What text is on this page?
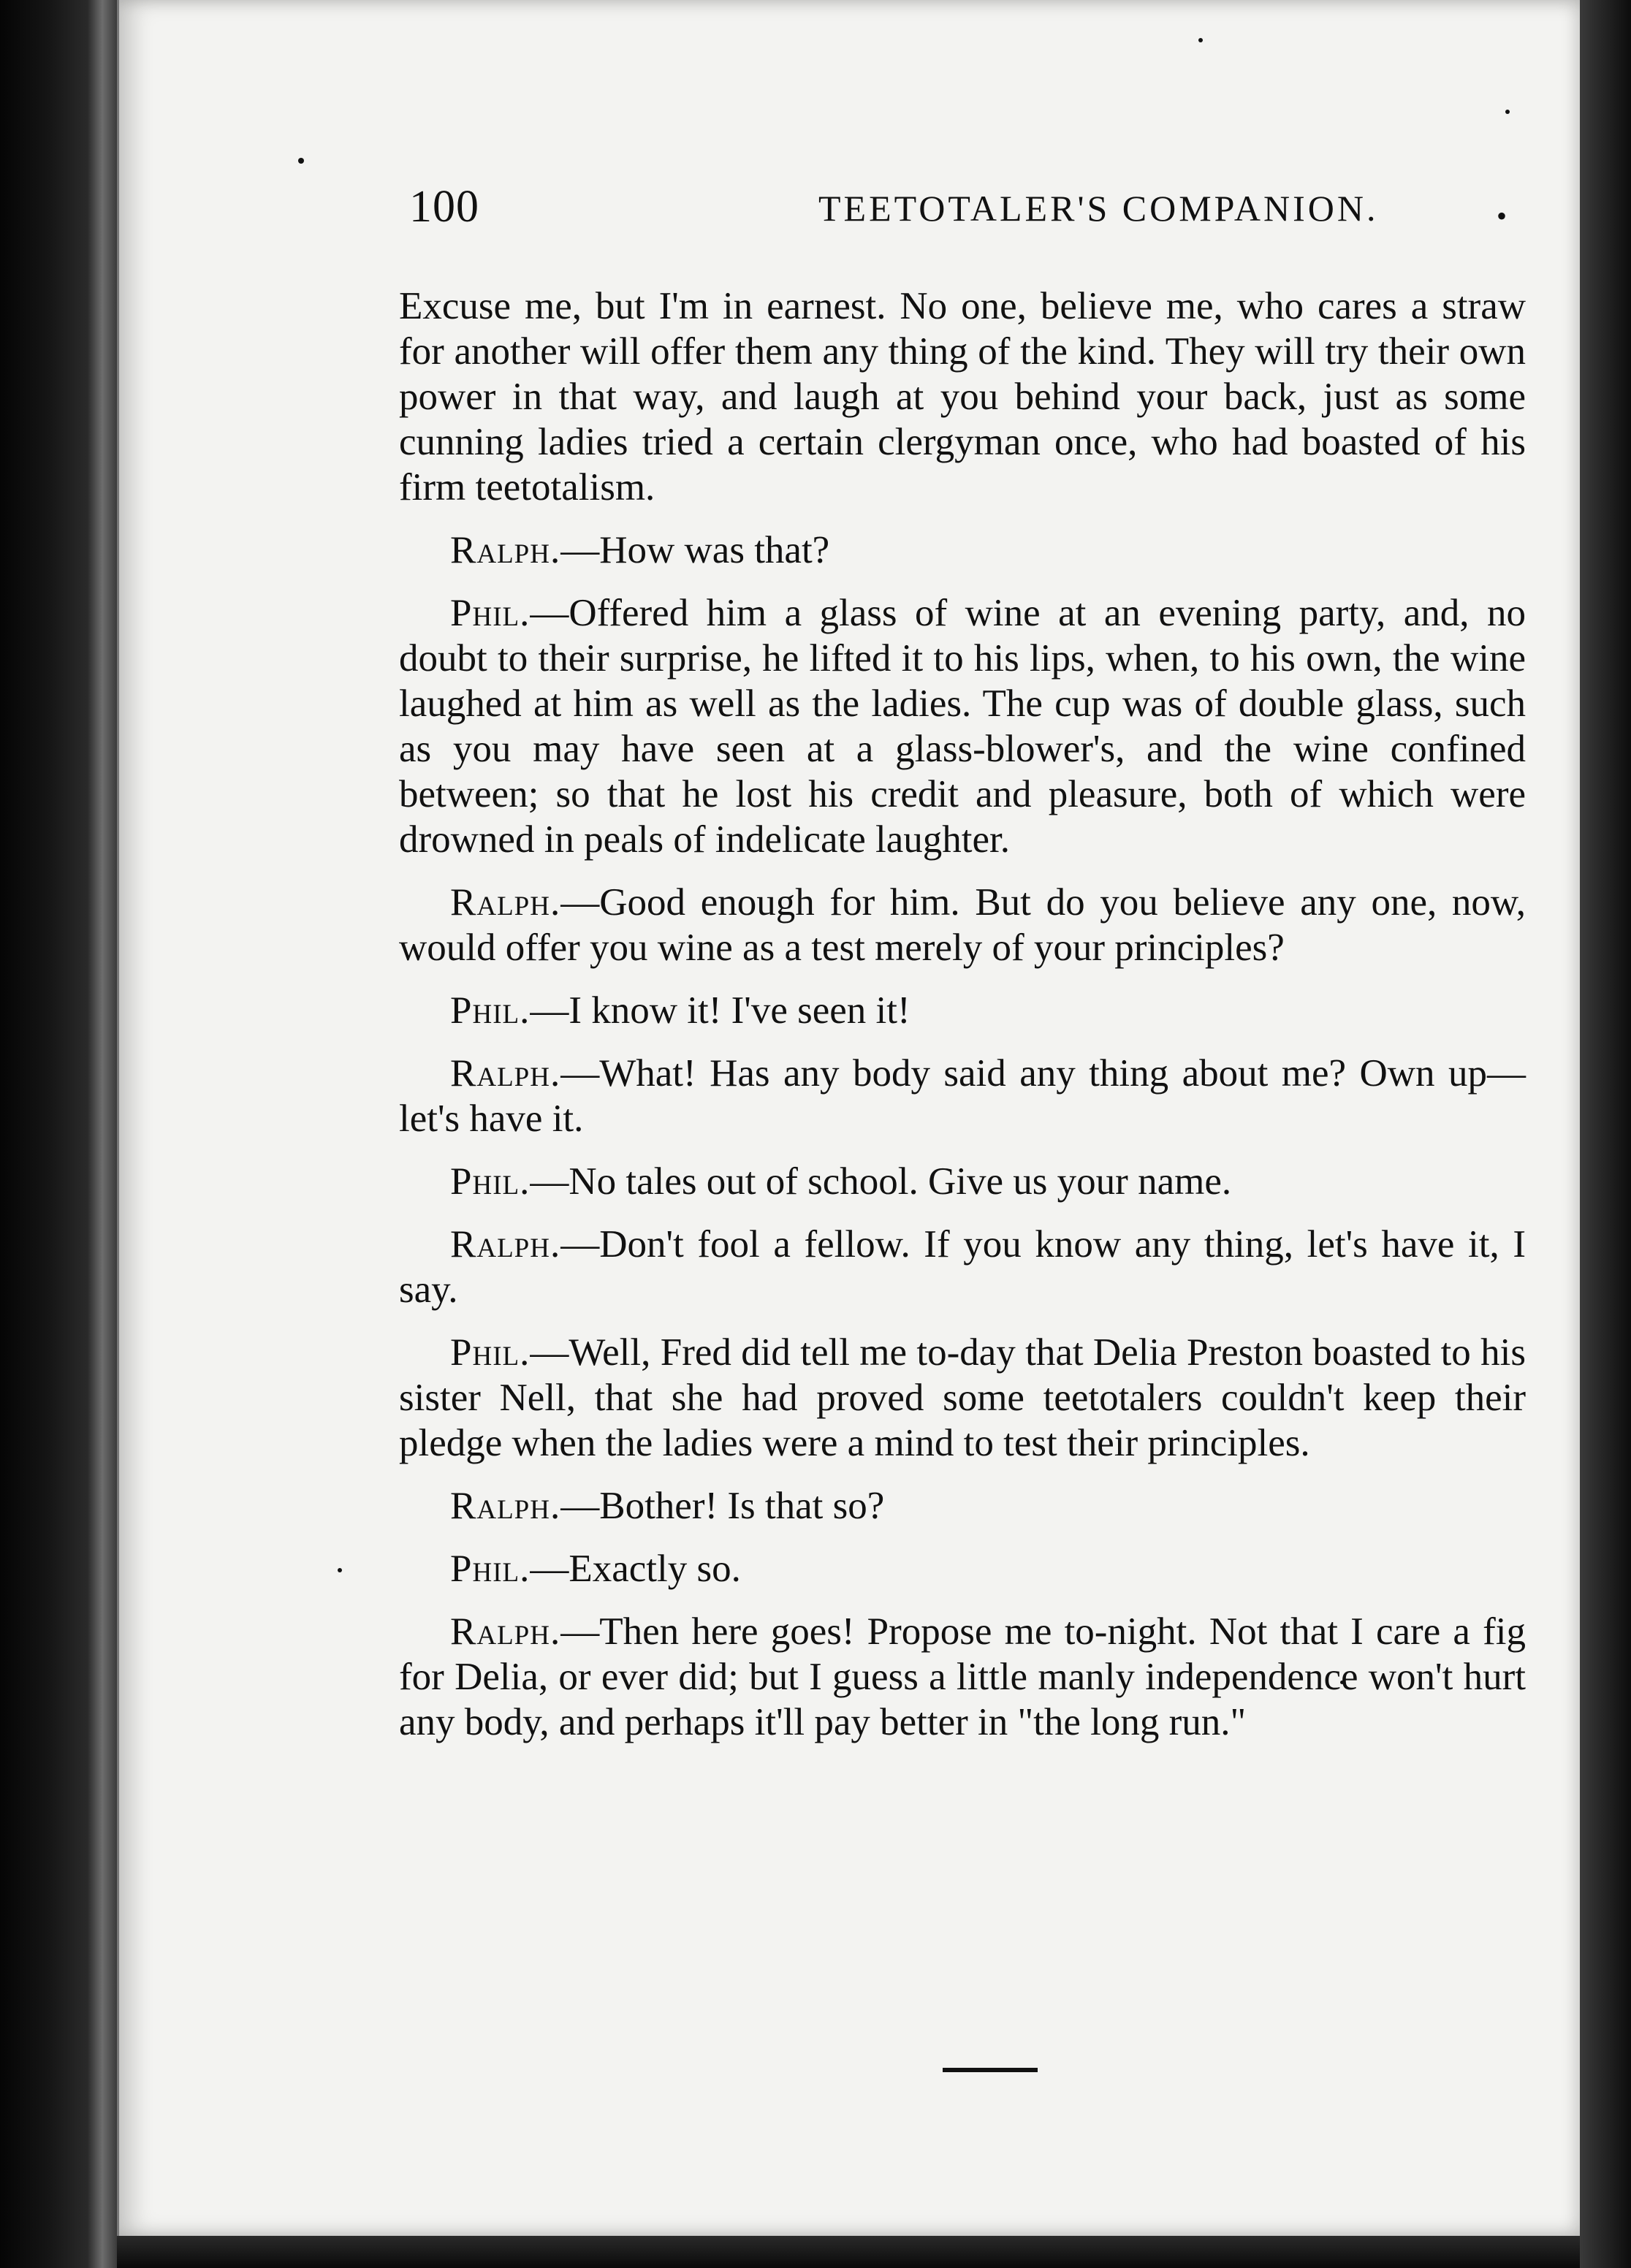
100	TEETOTALER'S COMPANION.	•

Excuse me, but I'm in earnest. No one, believe me, who cares a straw for another will offer them any thing of the kind. They will try their own power in that way, and laugh at you behind your back, just as some cunning ladies tried a certain clergyman once, who had boasted of his firm teetotalism.

Ralph.—How was that?

Phil.—Offered him a glass of wine at an evening party, and, no doubt to their surprise, he lifted it to his lips, when, to his own, the wine laughed at him as well as the ladies. The cup was of double glass, such as you may have seen at a glass-blower's, and the wine confined between; so that he lost his credit and pleasure, both of which were drowned in peals of indelicate laughter.

Ralph.—Good enough for him. But do you believe any one, now, would offer you wine as a test merely of your principles?

Phil.—I know it! I've seen it!

Ralph.—What! Has any body said any thing about me? Own up—let's have it.

Phil.—No tales out of school. Give us your name.

Ralph.—Don't fool a fellow. If you know any thing, let's have it, I say.

Phil.—Well, Fred did tell me to-day that Delia Preston boasted to his sister Nell, that she had proved some teetotalers couldn't keep their pledge when the ladies were a mind to test their principles.

Ralph.—Bother! Is that so?

Phil.—Exactly so.

Ralph.—Then here goes! Propose me to-night. Not that I care a fig for Delia, or ever did; but I guess a little manly independence won't hurt any body, and perhaps it'll pay better in "the long run."
